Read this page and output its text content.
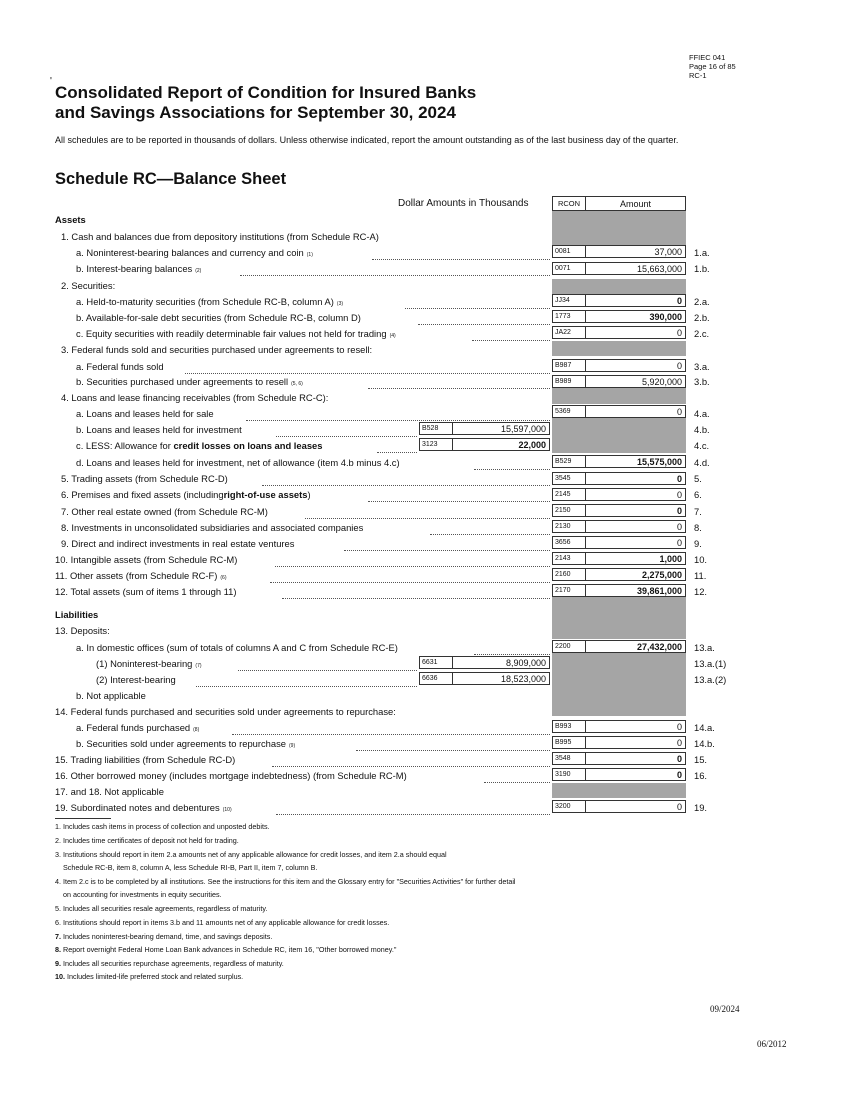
FFIEC 041
Page 16 of 85
RC-1
'
Consolidated Report of Condition for Insured Banks
and Savings Associations for September 30, 2024
All schedules are to be reported in thousands of dollars. Unless otherwise indicated, report the amount outstanding as of the last business day of the quarter.
Schedule RC—Balance Sheet
Dollar Amounts in Thousands	RCON	Amount
Assets
1. Cash and balances due from depository institutions (from Schedule RC-A)
a. Noninterest-bearing balances and currency and coin (1)	0081	37,000	1.a.
b. Interest-bearing balances (2)	0071	15,663,000	1.b.
2. Securities:
a. Held-to-maturity securities (from Schedule RC-B, column A) (3)	JJ34	0	2.a.
b. Available-for-sale debt securities (from Schedule RC-B, column D)	1773	390,000	2.b.
c. Equity securities with readily determinable fair values not held for trading (4)	JA22	0	2.c.
3. Federal funds sold and securities purchased under agreements to resell:
a. Federal funds sold	B987	0	3.a.
b. Securities purchased under agreements to resell (5, 6)	B989	5,920,000	3.b.
4. Loans and lease financing receivables (from Schedule RC-C):
a. Loans and leases held for sale	5369	0	4.a.
b. Loans and leases held for investment	B528	15,597,000	4.b.
c. LESS: Allowance for credit losses on loans and leases	3123	22,000	4.c.
d. Loans and leases held for investment, net of allowance (item 4.b minus 4.c)	B529	15,575,000	4.d.
5. Trading assets (from Schedule RC-D)	3545	0	5.
6. Premises and fixed assets (includingright-of-use assets)	2145	0	6.
7. Other real estate owned (from Schedule RC-M)	2150	0	7.
8. Investments in unconsolidated subsidiaries and associated companies	2130	0	8.
9. Direct and indirect investments in real estate ventures	3656	0	9.
10. Intangible assets (from Schedule RC-M)	2143	1,000	10.
11. Other assets (from Schedule RC-F) (6)	2160	2,275,000	11.
12. Total assets (sum of items 1 through 11)	2170	39,861,000	12.
Liabilities
13. Deposits:
a. In domestic offices (sum of totals of columns A and C from Schedule RC-E)	2200	27,432,000	13.a.
(1) Noninterest-bearing (7)	6631	8,909,000	13.a.(1)
(2) Interest-bearing	6636	18,523,000	13.a.(2)
b. Not applicable
14. Federal funds purchased and securities sold under agreements to repurchase:
a. Federal funds purchased (8)	B993	0	14.a.
b. Securities sold under agreements to repurchase (9)	B995	0	14.b.
15. Trading liabilities (from Schedule RC-D)	3548	0	15.
16. Other borrowed money (includes mortgage indebtedness) (from Schedule RC-M)	3190	0	16.
17. and 18. Not applicable
19. Subordinated notes and debentures (10)	3200	0	19.
1. Includes cash items in process of collection and unposted debits.
2. Includes time certificates of deposit not held for trading.
3. Institutions should report in item 2.a amounts net of any applicable allowance for credit losses, and item 2.a should equal
Schedule RC-B, item 8, column A, less Schedule RI-B, Part II, item 7, column B.
4. Item 2.c is to be completed by all institutions. See the instructions for this item and the Glossary entry for "Securities Activities" for further detail
on accounting for investments in equity securities.
5. Includes all securities resale agreements, regardless of maturity.
6. Institutions should report in items 3.b and 11 amounts net of any applicable allowance for credit losses.
7. Includes noninterest-bearing demand, time, and savings deposits.
8. Report overnight Federal Home Loan Bank advances in Schedule RC, item 16, "Other borrowed money."
9. Includes all securities repurchase agreements, regardless of maturity.
10. Includes limited-life preferred stock and related surplus.
09/2024
06/2012
